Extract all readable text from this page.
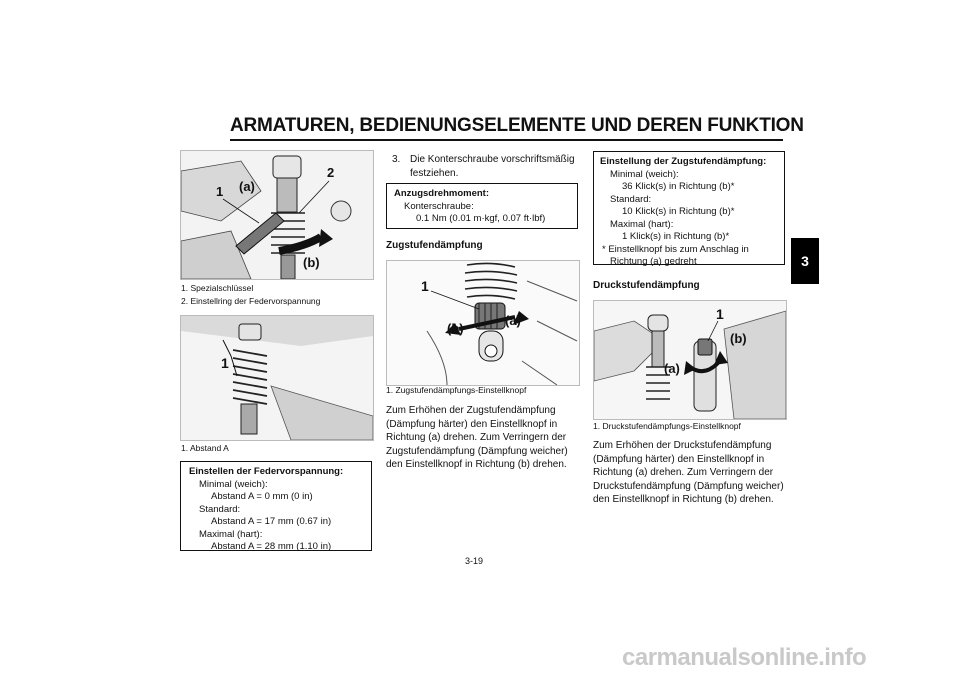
ARMATUREN, BEDIENUNGSELEMENTE UND DEREN FUNKTION
3
1 (a)
2
(b)
1. Spezialschlüssel
2. Einstellring der Federvorspannung
1
1. Abstand A
Einstellen der Federvorspannung:
Minimal (weich):
Abstand A = 0 mm (0 in)
Standard:
Abstand A = 17 mm (0.67 in)
Maximal (hart):
Abstand A = 28 mm (1.10 in)
3. Die Konterschraube vorschriftsmäßig festziehen.
Anzugsdrehmoment:
Konterschraube:
0.1 Nm (0.01 m·kgf, 0.07 ft·lbf)
Zugstufendämpfung
1
(b)
(a)
1. Zugstufendämpfungs-Einstellknopf
Zum Erhöhen der Zugstufendämpfung (Dämpfung härter) den Einstellknopf in Richtung (a) drehen. Zum Verringern der Zugstufendämpfung (Dämpfung weicher) den Einstellknopf in Richtung (b) drehen.
Einstellung der Zugstufendämpfung:
Minimal (weich):
36 Klick(s) in Richtung (b)*
Standard:
10 Klick(s) in Richtung (b)*
Maximal (hart):
1 Klick(s) in Richtung (b)*
* Einstellknopf bis zum Anschlag in
Richtung (a) gedreht
Druckstufendämpfung
1
(b)
(a)
1. Druckstufendämpfungs-Einstellknopf
Zum Erhöhen der Druckstufendämpfung (Dämpfung härter) den Einstellknopf in Richtung (a) drehen. Zum Verringern der Druckstufendämpfung (Dämpfung weicher) den Einstellknopf in Richtung (b) drehen.
3-19
carmanualsonline.info
